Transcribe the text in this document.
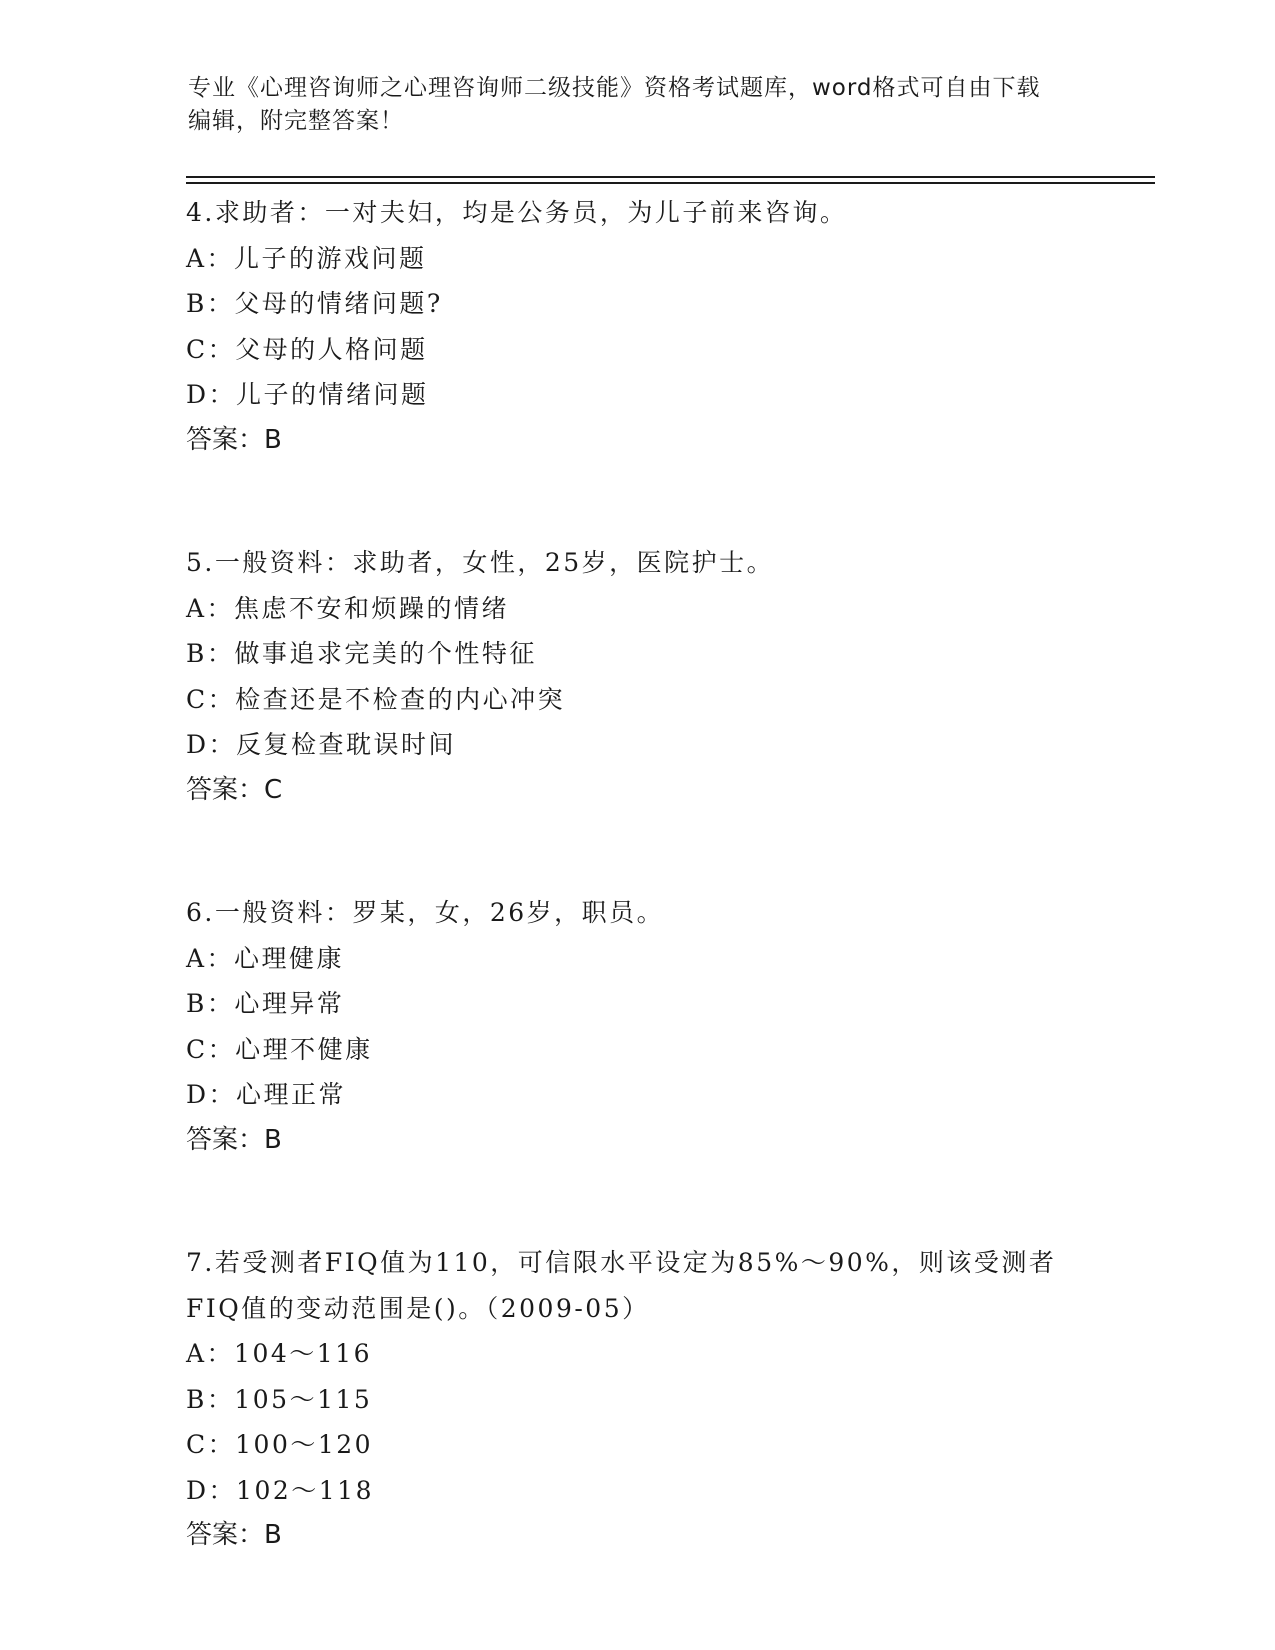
专业《心理咨询师之心理咨询师二级技能》资格考试题库，word格式可自由下载
编辑，附完整答案！
4.求助者：一对夫妇，均是公务员，为儿子前来咨询。
A：儿子的游戏问题
B：父母的情绪问题?
C：父母的人格问题
D：儿子的情绪问题
答案：B
5.一般资料：求助者，女性，25岁，医院护士。
A：焦虑不安和烦躁的情绪
B：做事追求完美的个性特征
C：检查还是不检查的内心冲突
D：反复检查耽误时间
答案：C
6.一般资料：罗某，女，26岁，职员。
A：心理健康
B：心理异常
C：心理不健康
D：心理正常
答案：B
7.若受测者FIQ值为110，可信限水平设定为85%～90%，则该受测者
FIQ值的变动范围是()。（2009-05）
A：104～116
B：105～115
C：100～120
D：102～118
答案：B
